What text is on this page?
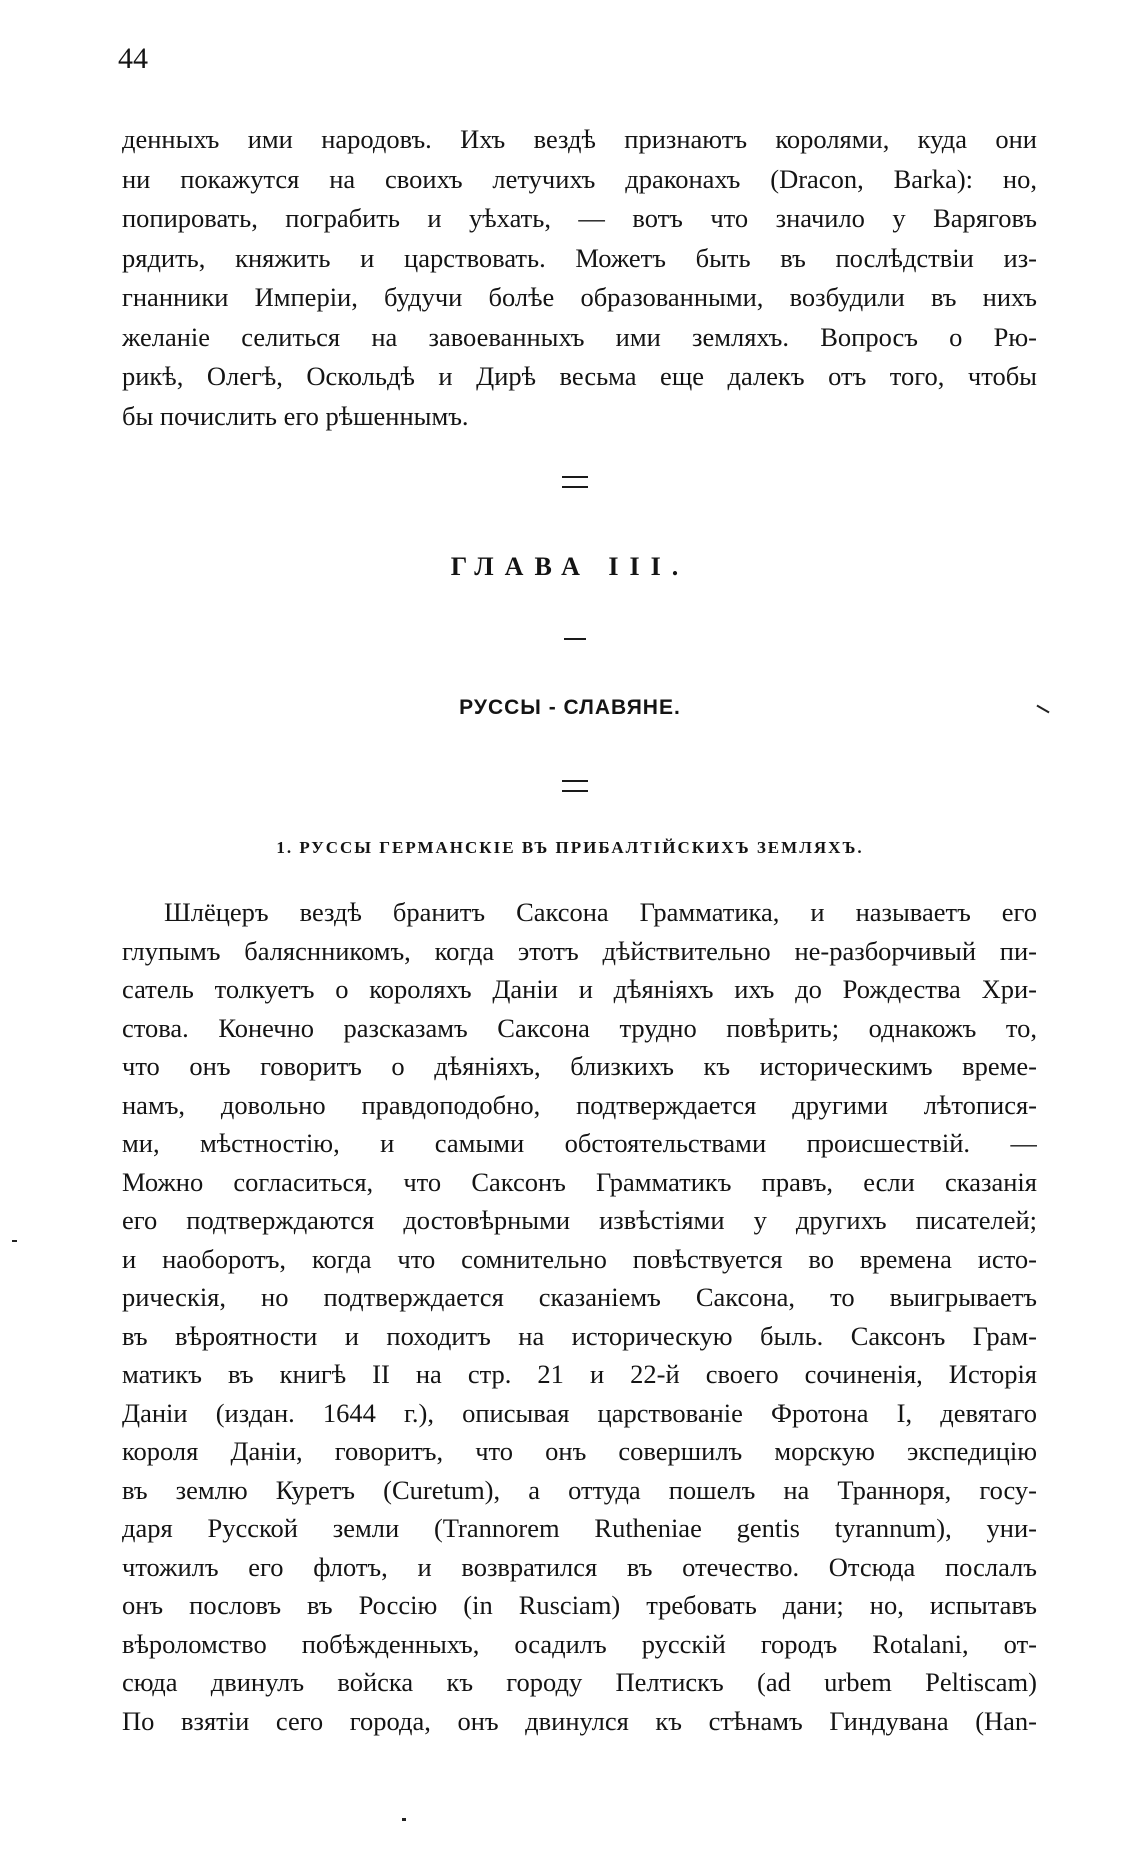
44
денныхъ ими народовъ. Ихъ вездѣ признаютъ королями, куда они
ни покажутся на своихъ летучихъ драконахъ (Dracon, Barka): но,
попировать, пограбить и уѣхать, — вотъ что значило у Варяговъ
рядить, княжить и царствовать. Можетъ быть въ послѣдствіи из-
гнанники Имперіи, будучи болѣе образованными, возбудили въ нихъ
желаніе селиться на завоеванныхъ ими земляхъ. Вопросъ о Рю-
рикѣ, Олегѣ, Оскольдѣ и Дирѣ весьма еще далекъ отъ того, чтобы
бы почислить его рѣшеннымъ.
ГЛАВА III.
РУССЫ - СЛАВЯНЕ.
1. РУССЫ ГЕРМАНСКІЕ ВЪ ПРИБАЛТІЙСКИХЪ ЗЕМЛЯХЪ.
Шлёцеръ вездѣ бранитъ Саксона Грамматика, и называетъ его
глупымъ баляснникомъ, когда этотъ дѣйствительно не-разборчивый пи-
сатель толкуетъ о короляхъ Даніи и дѣяніяхъ ихъ до Рождества Хри-
стова. Конечно разсказамъ Саксона трудно повѣрить; однакожъ то,
что онъ говоритъ о дѣяніяхъ, близкихъ къ историческимъ време-
намъ, довольно правдоподобно, подтверждается другими лѣтопися-
ми, мѣстностію, и самыми обстоятельствами происшествій. —
Можно согласиться, что Саксонъ Грамматикъ правъ, если сказанія
его подтверждаются достовѣрными извѣстіями у другихъ писателей;
и наоборотъ, когда что сомнительно повѣствуется во времена исто-
рическія, но подтверждается сказаніемъ Саксона, то выигрываетъ
въ вѣроятности и походитъ на историческую быль. Саксонъ Грам-
матикъ въ книгѣ II на стр. 21 и 22-й своего сочиненія, Исторія
Даніи (издан. 1644 г.), описывая царствованіе Фротона I, девятаго
короля Даніи, говоритъ, что онъ совершилъ морскую экспедицію
въ землю Куретъ (Curetum), а оттуда пошелъ на Транноря, госу-
даря Русской земли (Trannorem Rutheniae gentis tyrannum), уни-
чтожилъ его флотъ, и возвратился въ отечество. Отсюда послалъ
онъ пословъ въ Россію (in Rusciam) требовать дани; но, испытавъ
вѣроломство побѣжденныхъ, осадилъ русскій городъ Rotalani, от-
сюда двинулъ войска къ городу Пелтискъ (ad urbem Peltiscam)
По взятіи сего города, онъ двинулся къ стѣнамъ Гиндувана (Han-
